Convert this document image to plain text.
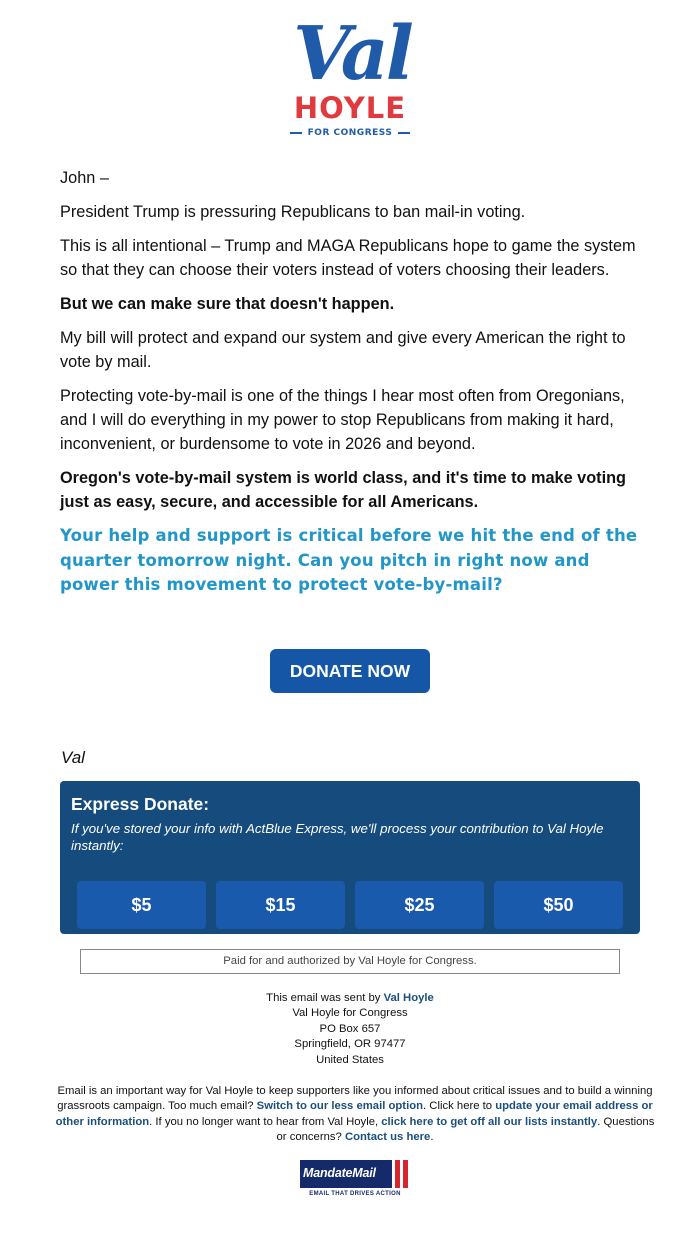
Val
HOYLE
FOR CONGRESS

John –

President Trump is pressuring Republicans to ban mail-in voting.

This is all intentional – Trump and MAGA Republicans hope to game the system so that they can choose their voters instead of voters choosing their leaders.

But we can make sure that doesn't happen.

My bill will protect and expand our system and give every American the right to vote by mail.

Protecting vote-by-mail is one of the things I hear most often from Oregonians, and I will do everything in my power to stop Republicans from making it hard, inconvenient, or burdensome to vote in 2026 and beyond.

Oregon's vote-by-mail system is world class, and it's time to make voting just as easy, secure, and accessible for all Americans.

Your help and support is critical before we hit the end of the quarter tomorrow night. Can you pitch in right now and power this movement to protect vote-by-mail?

DONATE NOW
Val
Express Donate:
If you've stored your info with ActBlue Express, we'll process your contribution to Val Hoyle instantly:
$5	$15	$25	$50
Paid for and authorized by Val Hoyle for Congress.
This email was sent by Val Hoyle
Val Hoyle for Congress
PO Box 657
Springfield, OR 97477
United States
Email is an important way for Val Hoyle to keep supporters like you informed about critical issues and to build a winning grassroots campaign. Too much email? Switch to our less email option. Click here to update your email address or other information. If you no longer want to hear from Val Hoyle, click here to get off all our lists instantly. Questions or concerns? Contact us here.
MandateMail
EMAIL THAT DRIVES ACTION
